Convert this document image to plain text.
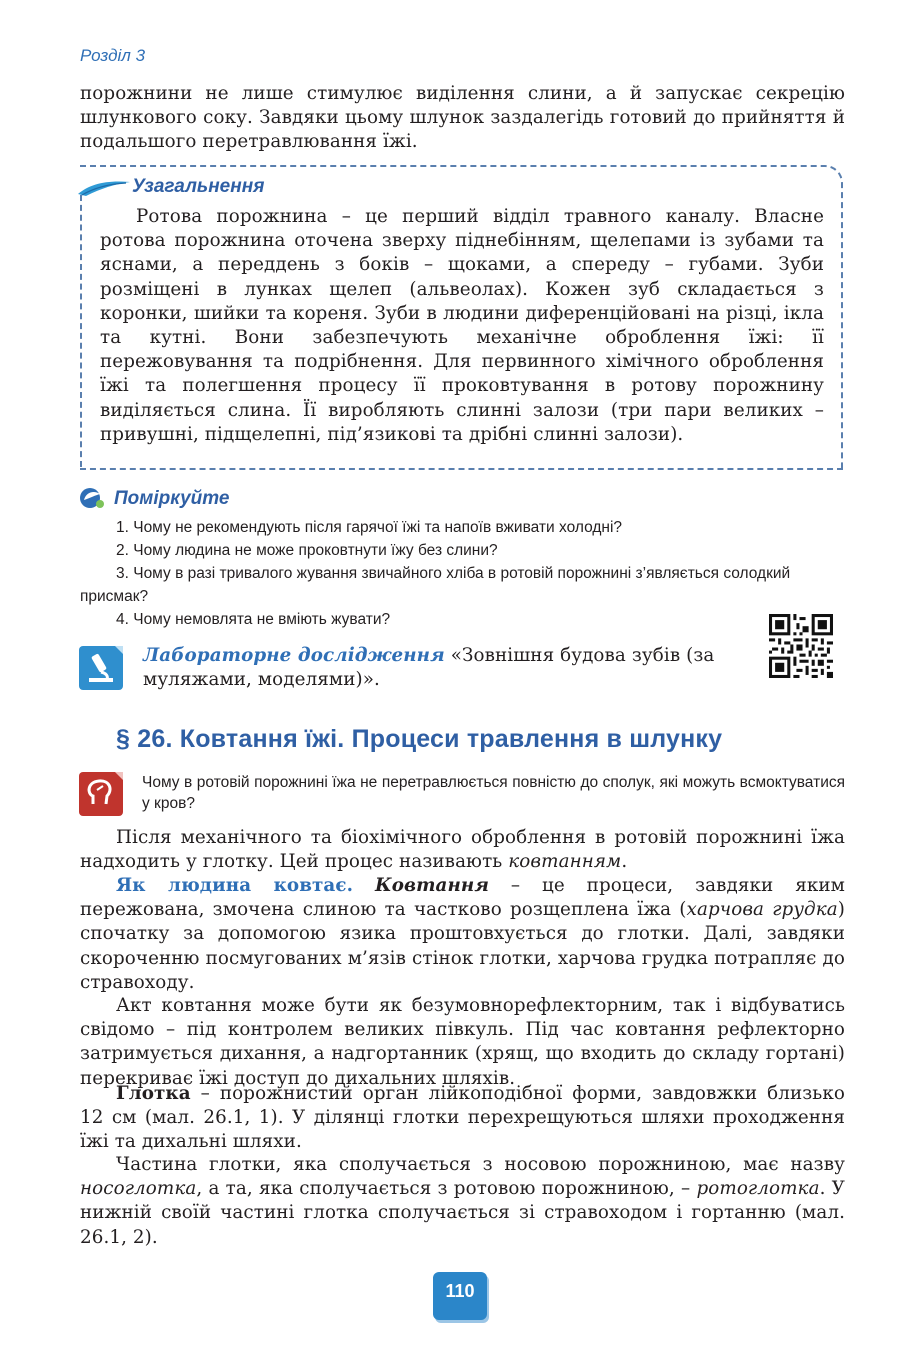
Розділ 3
порожнини не лише стимулює виділення слини, а й запускає секрецію шлункового соку. Завдяки цьому шлунок заздалегідь готовий до прийняття й подальшого перетравлювання їжі.
Узагальнення
Ротова порожнина – це перший відділ травного каналу. Власне ротова порожнина оточена зверху піднебінням, щелепами із зубами та яснами, а переддень з боків – щоками, а спереду – губами. Зуби розміщені в лунках щелеп (альвеолах). Кожен зуб складається з коронки, шийки та кореня. Зуби в людини диференційовані на різці, ікла та кутні. Вони забезпечують механічне оброблення їжі: її пережовування та подрібнення. Для первинного хімічного оброблення їжі та полегшення процесу її проковтування в ротову порожнину виділяється слина. Її виробляють слинні залози (три пари великих – привушні, підщелепні, під’язикові та дрібні слинні залози).
Поміркуйте
1. Чому не рекомендують після гарячої їжі та напоїв вживати холодні?
2. Чому людина не може проковтнути їжу без слини?
3. Чому в разі тривалого жування звичайного хліба в ротовій порожнині з’являється солодкий присмак?
4. Чому немовлята не вміють жувати?
Лабораторне дослідження «Зовнішня будова зубів (за муляжами, моделями)».
§ 26. Ковтання їжі. Процеси травлення в шлунку
Чому в ротовій порожнині їжа не перетравлюється повністю до сполук, які можуть всмоктуватися у кров?
Після механічного та біохімічного оброблення в ротовій порожнині їжа надходить у глотку. Цей процес називають ковтанням.
Як людина ковтає. Ковтання – це процеси, завдяки яким пережована, змочена слиною та частково розщеплена їжа (харчова грудка) спочатку за допомогою язика проштовхується до глотки. Далі, завдяки скороченню посмугованих м’язів стінок глотки, харчова грудка потрапляє до стравоходу.
Акт ковтання може бути як безумовнорефлекторним, так і відбуватись свідомо – під контролем великих півкуль. Під час ковтання рефлекторно затримується дихання, а надгортанник (хрящ, що входить до складу гортані) перекриває їжі доступ до дихальних шляхів.
Глотка – порожнистий орган лійкоподібної форми, завдовжки близько 12 см (мал. 26.1, 1). У ділянці глотки перехрещуються шляхи проходження їжі та дихальні шляхи.
Частина глотки, яка сполучається з носовою порожниною, має назву носоглотка, а та, яка сполучається з ротовою порожниною, – ротоглотка. У нижній своїй частині глотка сполучається зі стравоходом і гортанню (мал. 26.1, 2).
110
